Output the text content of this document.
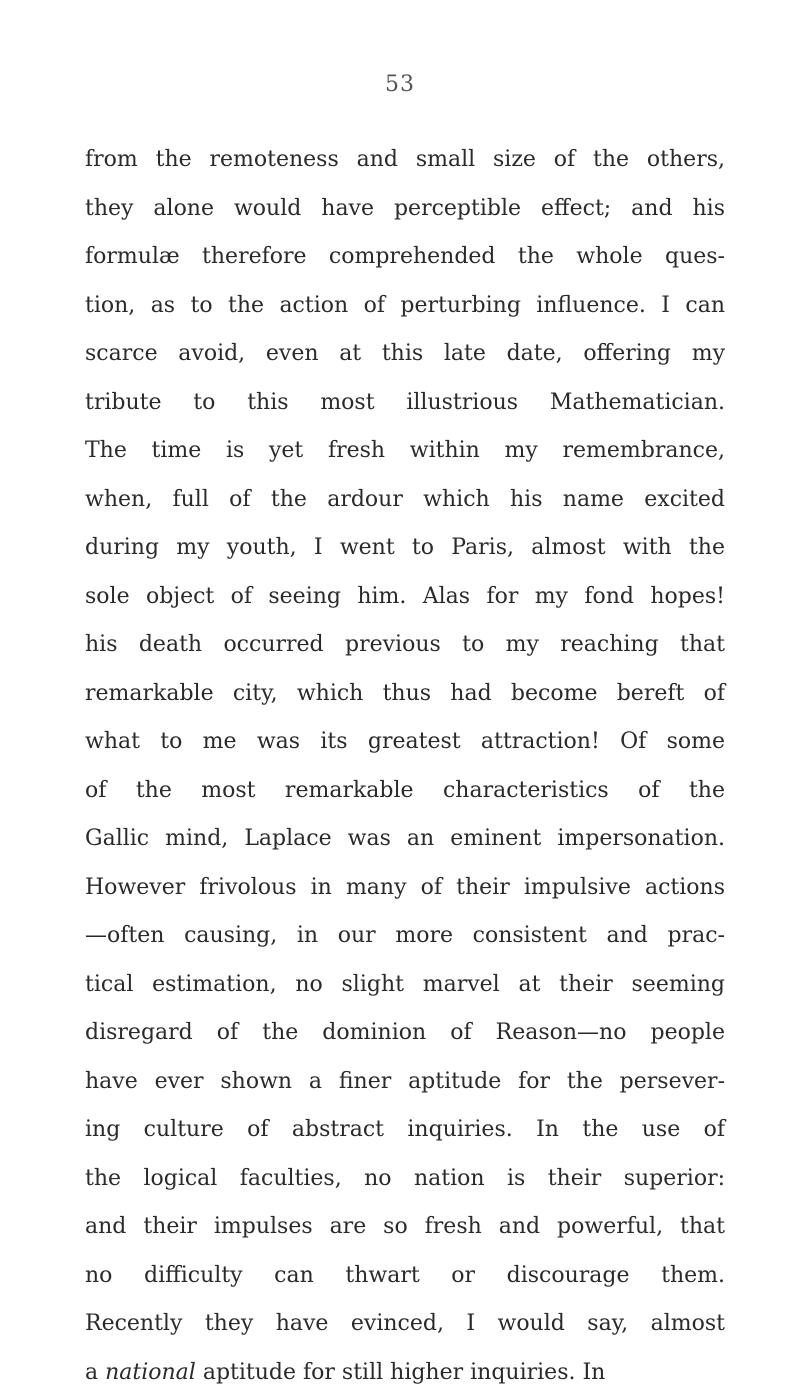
53
from the remoteness and small size of the others,
they alone would have perceptible effect; and his
formulæ therefore comprehended the whole ques-
tion, as to the action of perturbing influence. I can
scarce avoid, even at this late date, offering my
tribute to this most illustrious Mathematician.
The time is yet fresh within my remembrance,
when, full of the ardour which his name excited
during my youth, I went to Paris, almost with the
sole object of seeing him. Alas for my fond hopes!
his death occurred previous to my reaching that
remarkable city, which thus had become bereft of
what to me was its greatest attraction! Of some
of the most remarkable characteristics of the
Gallic mind, Laplace was an eminent impersonation.
However frivolous in many of their impulsive actions
—often causing, in our more consistent and prac-
tical estimation, no slight marvel at their seeming
disregard of the dominion of Reason—no people
have ever shown a finer aptitude for the persever-
ing culture of abstract inquiries. In the use of
the logical faculties, no nation is their superior:
and their impulses are so fresh and powerful, that
no difficulty can thwart or discourage them.
Recently they have evinced, I would say, almost
a national aptitude for still higher inquiries. In
